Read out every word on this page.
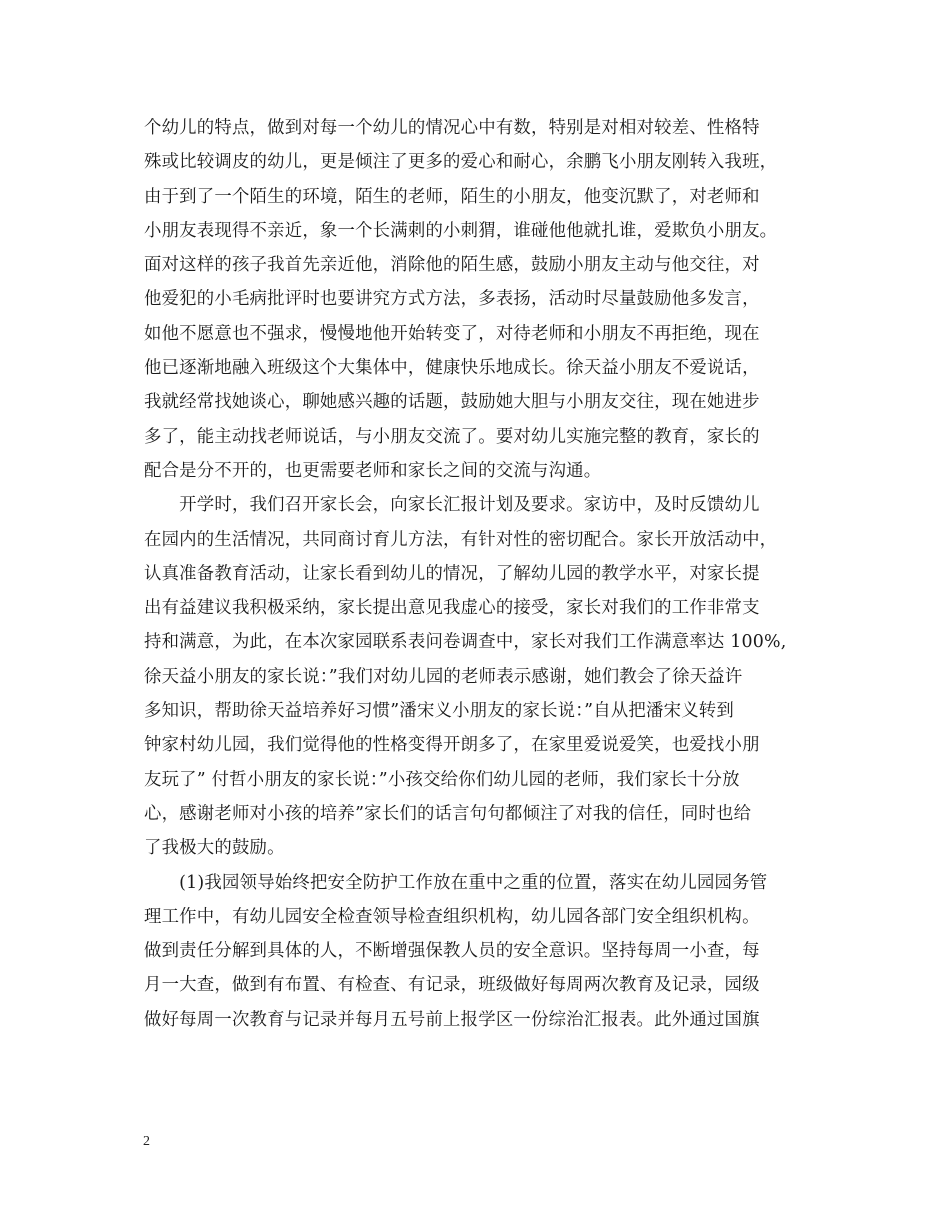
个幼儿的特点，做到对每一个幼儿的情况心中有数，特别是对相对较差、性格特
殊或比较调皮的幼儿，更是倾注了更多的爱心和耐心，余鹏飞小朋友刚转入我班，
由于到了一个陌生的环境，陌生的老师，陌生的小朋友，他变沉默了，对老师和
小朋友表现得不亲近，象一个长满刺的小刺猬，谁碰他他就扎谁，爱欺负小朋友。
面对这样的孩子我首先亲近他，消除他的陌生感，鼓励小朋友主动与他交往，对
他爱犯的小毛病批评时也要讲究方式方法，多表扬，活动时尽量鼓励他多发言，
如他不愿意也不强求，慢慢地他开始转变了，对待老师和小朋友不再拒绝，现在
他已逐渐地融入班级这个大集体中，健康快乐地成长。徐天益小朋友不爱说话，
我就经常找她谈心，聊她感兴趣的话题，鼓励她大胆与小朋友交往，现在她进步
多了，能主动找老师说话，与小朋友交流了。要对幼儿实施完整的教育，家长的
配合是分不开的，也更需要老师和家长之间的交流与沟通。
　　开学时，我们召开家长会，向家长汇报计划及要求。家访中，及时反馈幼儿
在园内的生活情况，共同商讨育儿方法，有针对性的密切配合。家长开放活动中，
认真准备教育活动，让家长看到幼儿的情况，了解幼儿园的教学水平，对家长提
出有益建议我积极采纳，家长提出意见我虚心的接受，家长对我们的工作非常支
持和满意，为此，在本次家园联系表问卷调查中，家长对我们工作满意率达 100%,
徐天益小朋友的家长说：”我们对幼儿园的老师表示感谢，她们教会了徐天益许
多知识，帮助徐天益培养好习惯”潘宋义小朋友的家长说：”自从把潘宋义转到
钟家村幼儿园，我们觉得他的性格变得开朗多了，在家里爱说爱笑，也爱找小朋
友玩了” 付哲小朋友的家长说：”小孩交给你们幼儿园的老师，我们家长十分放
心，感谢老师对小孩的培养”家长们的话言句句都倾注了对我的信任，同时也给
了我极大的鼓励。
　　(1)我园领导始终把安全防护工作放在重中之重的位置，落实在幼儿园园务管
理工作中，有幼儿园安全检查领导检查组织机构，幼儿园各部门安全组织机构。
做到责任分解到具体的人，不断增强保教人员的安全意识。坚持每周一小查，每
月一大查，做到有布置、有检查、有记录，班级做好每周两次教育及记录，园级
做好每周一次教育与记录并每月五号前上报学区一份综治汇报表。此外通过国旗
2
